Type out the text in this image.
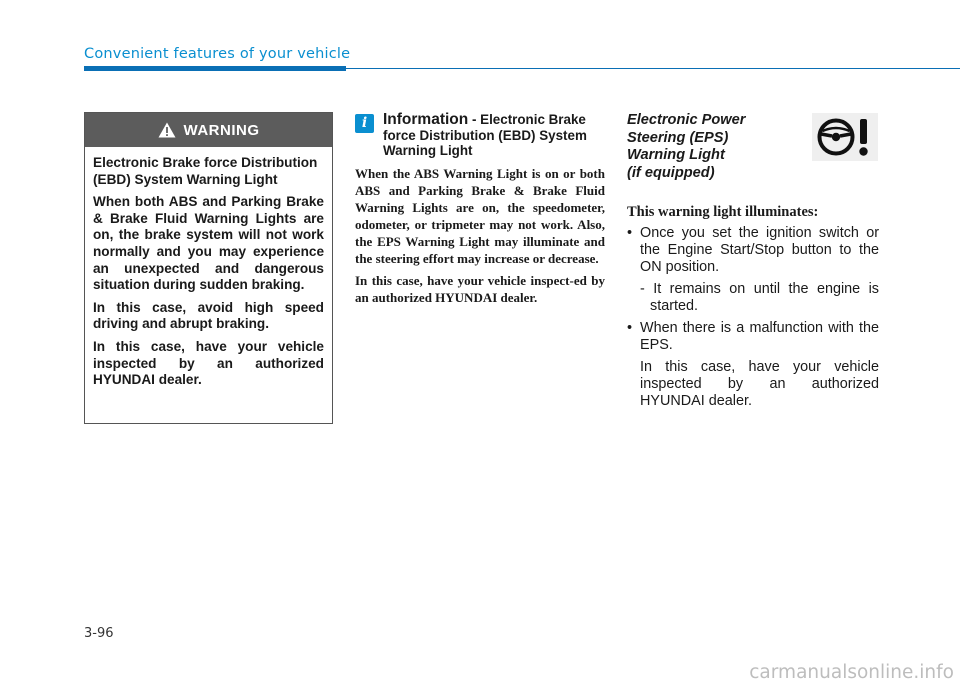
Convenient features of your vehicle
WARNING

Electronic Brake force Distribution (EBD) System Warning Light

When both ABS and Parking Brake & Brake Fluid Warning Lights are on, the brake system will not work normally and you may experience an unexpected and dangerous situation during sudden braking.

In this case, avoid high speed driving and abrupt braking.

In this case, have your vehicle inspected by an authorized HYUNDAI dealer.

i	Information - Electronic Brake force Distribution (EBD) System Warning Light

When the ABS Warning Light is on or both ABS and Parking Brake & Brake Fluid Warning Lights are on, the speedometer, odometer, or tripmeter may not work. Also, the EPS Warning Light may illuminate and the steering effort may increase or decrease.

In this case, have your vehicle inspect-ed by an authorized HYUNDAI dealer.

Electronic Power
Steering (EPS)
Warning Light
(if equipped)
This warning light illuminates:
• Once you set the ignition switch or the Engine Start/Stop button to the ON position.
- It remains on until the engine is started.
• When there is a malfunction with the EPS.
In this case, have your vehicle inspected by an authorized HYUNDAI dealer.
3-96
carmanualsonline.info
